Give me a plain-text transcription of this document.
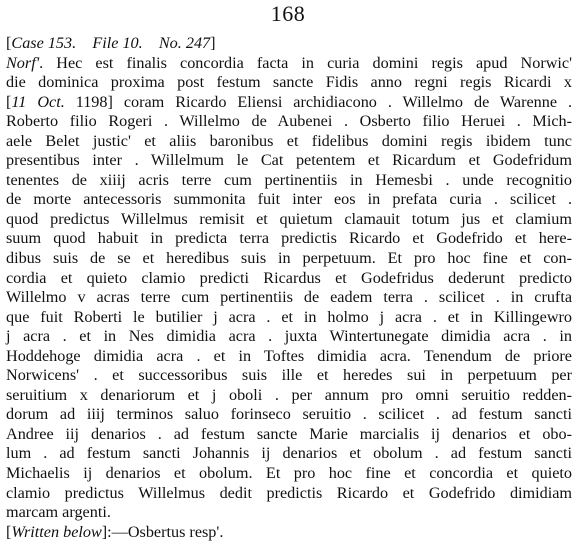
168
[Case 153. File 10. No. 247]
Norf'. Hec est finalis concordia facta in curia domini regis apud Norwic'
die dominica proxima post festum sancte Fidis anno regni regis Ricardi x
[11 Oct. 1198] coram Ricardo Eliensi archidiacono . Willelmo de Warenne .
Roberto filio Rogeri . Willelmo de Aubenei . Osberto filio Heruei . Mich-
aele Belet justic' et aliis baronibus et fidelibus domini regis ibidem tunc
presentibus inter . Willelmum le Cat petentem et Ricardum et Godefridum
tenentes de xiiij acris terre cum pertinentiis in Hemesbi . unde recognitio
de morte antecessoris summonita fuit inter eos in prefata curia . scilicet .
quod predictus Willelmus remisit et quietum clamauit totum jus et clamium
suum quod habuit in predicta terra predictis Ricardo et Godefrido et here-
dibus suis de se et heredibus suis in perpetuum. Et pro hoc fine et con-
cordia et quieto clamio predicti Ricardus et Godefridus dederunt predicto
Willelmo v acras terre cum pertinentiis de eadem terra . scilicet . in crufta
que fuit Roberti le butilier j acra . et in holmo j acra . et in Killingewro
j acra . et in Nes dimidia acra . juxta Wintertunegate dimidia acra . in
Hoddehoge dimidia acra . et in Toftes dimidia acra. Tenendum de priore
Norwicens' . et successoribus suis ille et heredes sui in perpetuum per
seruitium x denariorum et j oboli . per annum pro omni seruitio redden-
dorum ad iiij terminos saluo forinseco seruitio . scilicet . ad festum sancti
Andree iij denarios . ad festum sancte Marie marcialis ij denarios et obo-
lum . ad festum sancti Johannis ij denarios et obolum . ad festum sancti
Michaelis ij denarios et obolum. Et pro hoc fine et concordia et quieto
clamio predictus Willelmus dedit predictis Ricardo et Godefrido dimidiam
marcam argenti.
[Written below]:—Osbertus resp'.
